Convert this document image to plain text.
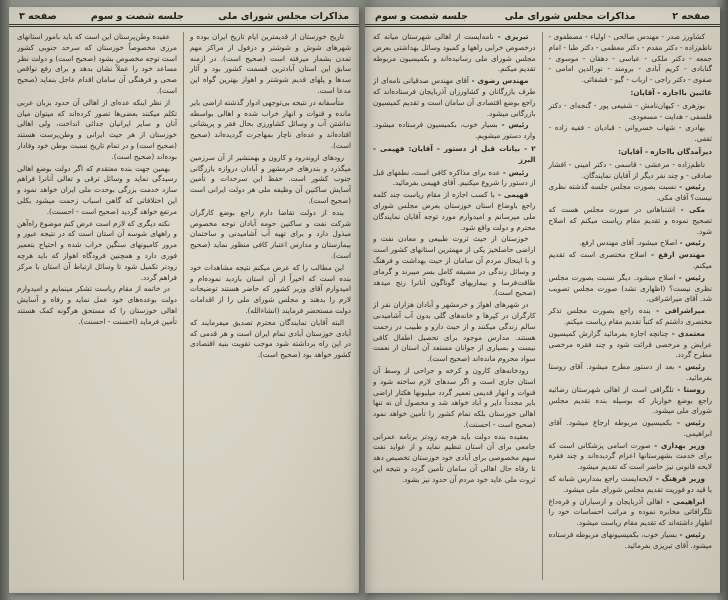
صفحه ۳	جلسه شصت و سوم	مذاکرات مجلس شورای ملی

تاریخ خوزستان از قدیمترین ایام تاریخ ایران بوده و شهرهای شوش و شوشتر و دزفول از مراکز مهم تمدن بشمار میرفته است (صحیح است). در ازمنه سابق این استان آبادترین قسمت کشور بود و آثار سدها و پلهای قدیم شوشتر و اهواز بهترین گواه این مدعا است.

متأسفانه در نتیجه بی‌توجهی ادوار گذشته اراضی بایر مانده و قنوات و انهار خراب شده و اهالی بواسطه نداشتن آب و وسائل کشاورزی بحال فقر و پریشانی افتاده‌اند و عده‌ای ناچار بمهاجرت گردیده‌اند (صحیح است).

رودهای اروندرود و کارون و بهمنشیر از آن سرزمین میگذرد و بندرهای خرمشهر و آبادان دروازه بازرگانی جنوب کشور است. حفظ این سرحدات و تأمین آسایش ساکنین آن وظیفه ملی هر دولت ایرانی است (صحیح است).

بنده از دولت تقاضا دارم راجع بوضع کارگران شرکت نفت و ساکنین حومه آبادان توجه مخصوص مبذول دارد و برای تهیه آب آشامیدنی و ساختمان بیمارستان و مدارس اعتبار کافی منظور نماید (صحیح است).

این مطالب را که عرض میکنم نتیجه مشاهدات خود بنده است که اخیراً از آن استان بازدید نموده‌ام و امیدوارم آقای وزیر کشور که حاضر هستند توضیحات لازم را بدهند و مجلس شورای ملی را از اقدامات دولت مستحضر فرمایند (انشاءالله).

البته آقایان نمایندگان محترم تصدیق میفرمایند که آبادی خوزستان آبادی تمام ایران است و هر قدمی که در این راه برداشته شود موجب تقویت بنیه اقتصادی کشور خواهد بود (صحیح است).

عقیده وطن‌پرستان این است که باید بامور استانهای مرزی مخصوصاً خوزستان که سرحد جنوبی کشور است توجه مخصوص بشود (صحیح است) و دولت نظر مساعد خود را عملاً نشان بدهد و برای رفع نواقص صحی و فرهنگی آن سامان اقدام عاجل بنماید (صحیح است).

از نظر اینکه عده‌ای از اهالی آن حدود بزبان عربی تکلم میکنند بعضی‌ها تصور کرده‌اند که میتوان میان آنان و سایر ایرانیان جدائی انداخت، ولی اهالی خوزستان از هر حیث ایرانی و وطن‌پرست هستند (صحیح است) و در تمام تاریخ نسبت بوطن خود وفادار بوده‌اند (صحیح است).

بهمین جهت بنده معتقدم که اگر دولت بوضع اهالی رسیدگی نماید و وسائل ترقی و تعالی آنانرا فراهم سازد خدمت بزرگی بوحدت ملی ایران خواهد نمود و این اختلافاتی که گاهی اسباب زحمت میشود بکلی مرتفع خواهد گردید (صحیح است - احسنت).

نکته دیگری که لازم است عرض کنم موضوع راه‌آهن و راههای شوسه آن استان است که در نتیجه عبور و مرور کامیونهای سنگین خراب شده و احتیاج بتعمیر فوری دارد و همچنین فرودگاه اهواز که باید هرچه زودتر تکمیل شود تا وسائل ارتباط آن استان با مرکز فراهم گردد.

در خاتمه از مقام ریاست تشکر مینمایم و امیدوارم دولت بوعده‌های خود عمل نماید و رفاه و آسایش اهالی خوزستان را که مستحق هرگونه کمک هستند تأمین فرماید (احسنت - احسنت).

جلسه شصت و سوم	مذاکرات مجلس شورای ملی	صفحه ۲

کشاورز صدر - مهندس صالحی - اولیاء - مصطفوی - ناظم‌زاده - دکتر مقدم - دکتر معظمی - دکتر طبا - امام جمعه - دکتر ملکی - عباسی - دهقان - موسوی - گنابادی - کریم آبادی - برومند - نورالدین امامی - صفوی - دکتر راجی - ارباب - گیو - قشقائی.

غائبین بااجازه - آقایان:

بوزهری - کیهان‌نامش - شفیعی پور - گنجه‌ای - دکتر فلسفی - هدایت - مسعودی.

بهادری - شهاب خسروانی - قبادیان - فقیه زاده - ثقفی.

دیرآمدگان بااجازه - آقایان:

ناظم‌زاده - مرعشی - قاسمی - دکتر امینی - افشار صادقی - و چند نفر دیگر از آقایان نمایندگان.

رئیس - نسبت بصورت مجلس جلسه گذشته نظری نیست؟ آقای مکی.

مکی - اشتباهاتی در صورت مجلس هست که تصحیح نموده و تقدیم مقام ریاست میکنم که اصلاح شود.

رئیس - اصلاح میشود. آقای مهندس ارفع.

مهندس ارفع - اصلاح مختصری است که تقدیم میکنم.

رئیس - اصلاح میشود. دیگر نسبت بصورت مجلس نظری نیست؟ (اظهاری نشد) صورت مجلس تصویب شد. آقای میراشرافی.

میراشرافی - بنده راجع بصورت مجلس تذکر مختصری داشتم که کتباً تقدیم مقام ریاست میکنم.

معتمدی - چنانچه اجازه بفرمائید گزارش کمیسیون عرایض و مرخصی قرائت شود و چند فقره مرخصی مطرح گردد.

رئیس - بعد از دستور مطرح میشود. آقای روستا بفرمائید.

روستا - تلگرافی است از اهالی شهرستان رضائیه راجع بوضع خواربار که بوسیله بنده تقدیم مجلس شورای ملی میشود.

رئیس - بکمیسیون مربوطه ارجاع میشود. آقای ابراهیمی.

وزیر بهداری - صورت اسامی پزشکانی است که برای خدمت بشهرستانها اعزام گردیده‌اند و چند فقره لایحه قانونی نیز حاضر است که تقدیم میشود.

وزیر فرهنگ - لایحه‌ایست راجع بمدارس شبانه که با قید دو فوریت تقدیم مجلس شورای ملی میشود.

ابراهیمی - اهالی آذربایجان و ارسباران و قره‌داغ تلگرافاتی مخابره نموده و مراتب احساسات خود را اظهار داشته‌اند که تقدیم مقام ریاست میشود.

رئیس - بسیار خوب، بکمیسیونهای مربوطه فرستاده میشود. آقای تبریزی بفرمائید.

تبریزی - نامه‌ایست از اهالی شهرستان میانه که درخصوص خرابی راهها و کمبود وسائل بهداشتی بعرض مجلس شورای ملی رسانیده‌اند و بکمیسیون مربوطه تقدیم میکنم.

مهندس رضوی - آقای مهندس صدقیانی نامه‌ای از طرف بازرگانان و کشاورزان آذربایجان فرستاده‌اند که راجع بوضع اقتصادی آن سامان است و تقدیم کمیسیون بازرگانی میشود.

رئیس - بسیار خوب، بکمیسیون فرستاده میشود. وارد دستور میشویم.

۲ - بیانات قبل از دستور - آقایان: فهیمی - البرز

رئیس - عده برای مذاکره کافی است، نطقهای قبل از دستور را شروع میکنیم. آقای فهیمی بفرمائید.

فهیمی - با کسب اجازه از مقام ریاست چند کلمه راجع باوضاع استان خوزستان بعرض مجلس شورای ملی میرسانم و امیدوارم مورد توجه آقایان نمایندگان محترم و دولت واقع شود.

خوزستان از حیث ثروت طبیعی و معادن نفت و اراضی حاصلخیز یکی از مهمترین استانهای کشور است و با اینحال مردم آن سامان از حیث بهداشت و فرهنگ و وسائل زندگی در مضیقه کامل بسر میبرند و گرمای طاقت‌فرسا و بیماریهای گوناگون آنانرا رنج میدهد (صحیح است).

در شهرهای اهواز و خرمشهر و آبادان هزاران نفر از کارگران در کپرها و خانه‌های گلی بدون آب آشامیدنی سالم زندگی میکنند و از حیث دارو و طبیب در زحمت هستند. مدارس موجود برای تحصیل اطفال کافی نیست و بسیاری از جوانان مستعد آن استان از نعمت سواد محروم مانده‌اند (صحیح است).

رودخانه‌های کارون و کرخه و جراحی از وسط آن استان جاری است و اگر سدهای لازم ساخته شود و قنوات و انهار قدیمی تعمیر گردد میلیونها هکتار اراضی بایر مجدداً دایر و آباد خواهد شد و محصول آن نه تنها اهالی خوزستان بلکه تمام کشور را تأمین خواهد نمود (صحیح است - احسنت).

بعقیده بنده دولت باید هرچه زودتر برنامه عمرانی جامعی برای آن استان تنظیم نماید و از عواید نفت سهم مخصوصی برای آبادی خود خوزستان تخصیص دهد تا رفاه حال اهالی آن سامان تأمین گردد و نتیجه این ثروت ملی عاید خود مردم آن حدود نیز بشود.
